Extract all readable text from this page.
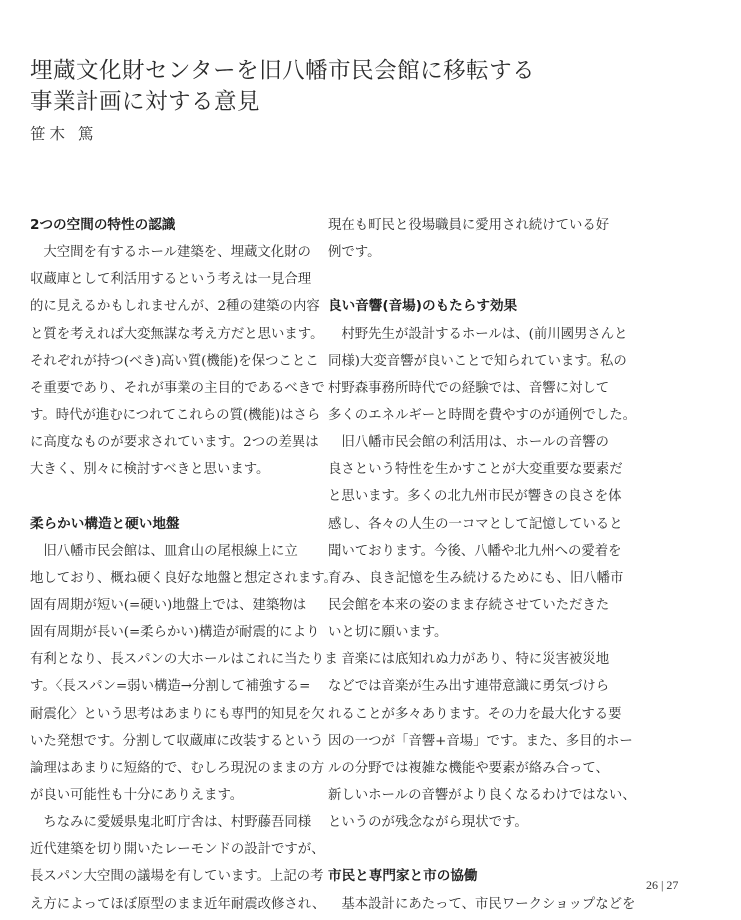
埋蔵文化財センターを旧八幡市民会館に移転する
事業計画に対する意見
笹木 篤
2つの空間の特性の認識
　大空間を有するホール建築を、埋蔵文化財の
収蔵庫として利活用するという考えは一見合理
的に見えるかもしれませんが、2種の建築の内容
と質を考えれば大変無謀な考え方だと思います。
それぞれが持つ(べき)高い質(機能)を保つことこ
そ重要であり、それが事業の主目的であるべきで
す。時代が進むにつれてこれらの質(機能)はさら
に高度なものが要求されています。2つの差異は
大きく、別々に検討すべきと思います。
柔らかい構造と硬い地盤
　旧八幡市民会館は、皿倉山の尾根線上に立
地しており、概ね硬く良好な地盤と想定されます。
固有周期が短い(=硬い)地盤上では、建築物は
固有周期が長い(=柔らかい)構造が耐震的により
有利となり、長スパンの大ホールはこれに当たりま
す。〈長スパン=弱い構造→分割して補強する=
耐震化〉という思考はあまりにも専門的知見を欠
いた発想です。分割して収蔵庫に改装するという
論理はあまりに短絡的で、むしろ現況のままの方
が良い可能性も十分にありえます。
　ちなみに愛媛県鬼北町庁舎は、村野藤吾同様
近代建築を切り開いたレーモンドの設計ですが、
長スパン大空間の議場を有しています。上記の考
え方によってほぼ原型のまま近年耐震改修され、
現在も町民と役場職員に愛用され続けている好
例です。
良い音響(音場)のもたらす効果
　村野先生が設計するホールは、(前川國男さんと
同様)大変音響が良いことで知られています。私の
村野森事務所時代での経験では、音響に対して
多くのエネルギーと時間を費やすのが通例でした。
　旧八幡市民会館の利活用は、ホールの音響の
良さという特性を生かすことが大変重要な要素だ
と思います。多くの北九州市民が響きの良さを体
感し、各々の人生の一コマとして記憶していると
聞いております。今後、八幡や北九州への愛着を
育み、良き記憶を生み続けるためにも、旧八幡市
民会館を本来の姿のまま存続させていただきた
いと切に願います。
　音楽には底知れぬ力があり、特に災害被災地
などでは音楽が生み出す連帯意識に勇気づけら
れることが多々あります。その力を最大化する要
因の一つが「音響+音場」です。また、多目的ホー
ルの分野では複雑な機能や要素が絡み合って、
新しいホールの音響がより良くなるわけではない、
というのが残念ながら現状です。
市民と専門家と市の協働
　基本設計にあたって、市民ワークショップなどを
26 | 27
